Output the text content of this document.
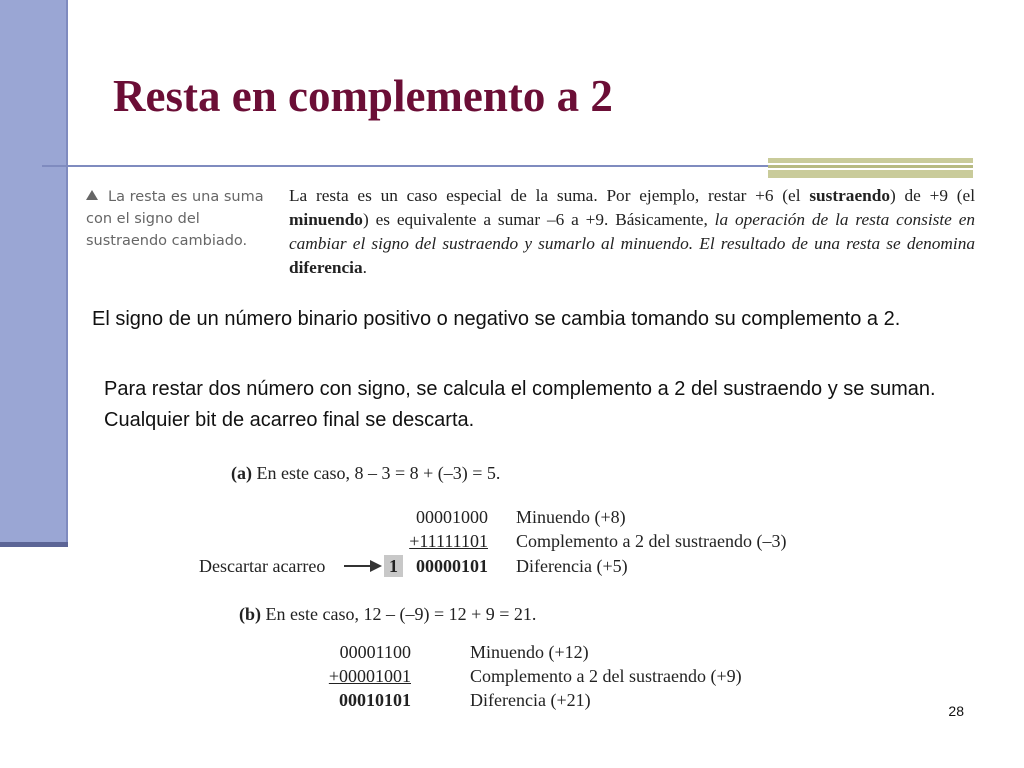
Resta en complemento a 2
La resta es una suma con el signo del sustraendo cambiado.
La resta es un caso especial de la suma. Por ejemplo, restar +6 (el sustraendo) de +9 (el minuendo) es equivalente a sumar –6 a +9. Básicamente, la operación de la resta consiste en cambiar el signo del sustraendo y sumarlo al minuendo. El resultado de una resta se denomina diferencia.

El signo de un número binario positivo o negativo se cambia tomando su complemento a 2.

Para restar dos número con signo, se calcula el complemento a 2 del sustraendo y se suman. Cualquier bit de acarreo final se descarta.

(a) En este caso, 8 – 3 = 8 + (–3) = 5.
00001000 Minuendo (+8)
+11111101 Complemento a 2 del sustraendo (–3)
Descartar acarreo	1	00000101 Diferencia (+5)
(b) En este caso, 12 – (–9) = 12 + 9 = 21.
00001100	Minuendo (+12)
+00001001	Complemento a 2 del sustraendo (+9)
00010101	Diferencia (+21)
28
